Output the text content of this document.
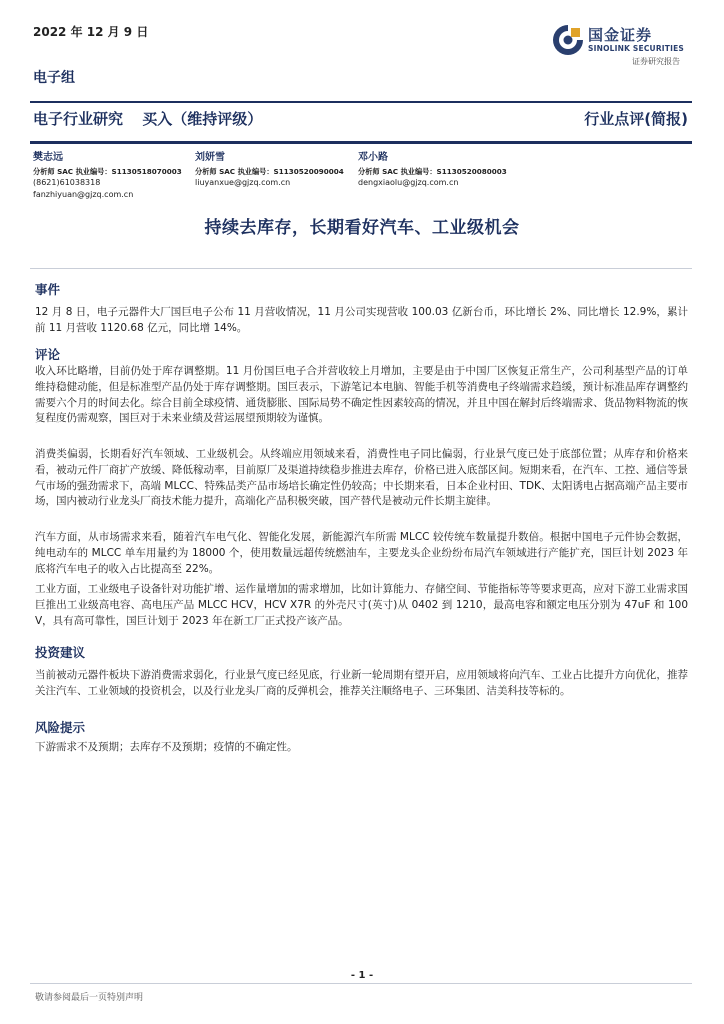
2022 年 12 月 9 日	国金证券
SINOLINK SECURITIES
证券研究报告
电子组
电子行业研究 买入（维持评级）	行业点评(简报)
樊志远
分析师 SAC 执业编号：S1130518070003
(8621)61038318
fanzhiyuan@gjzq.com.cn
刘妍雪
分析师 SAC 执业编号：S1130520090004
liuyanxue@gjzq.com.cn
邓小路
分析师 SAC 执业编号：S1130520080003
dengxiaolu@gjzq.com.cn
持续去库存，长期看好汽车、工业级机会
事件
12 月 8 日，电子元器件大厂国巨电子公布 11 月营收情况，11 月公司实现营收 100.03 亿新台币，环比增长 2%、同比增长 12.9%，累计前 11 月营收 1120.68 亿元，同比增 14%。
评论
收入环比略增，目前仍处于库存调整期。11 月份国巨电子合并营收较上月增加，主要是由于中国厂区恢复正常生产，公司利基型产品的订单维持稳健动能，但是标准型产品仍处于库存调整期。国巨表示，下游笔记本电脑、智能手机等消费电子终端需求趋缓，预计标准品库存调整约需要六个月的时间去化。综合目前全球疫情、通货膨胀、国际局势不确定性因素较高的情况，并且中国在解封后终端需求、货品物料物流的恢复程度仍需观察，国巨对于未来业绩及营运展望预期较为谨慎。
消费类偏弱，长期看好汽车领域、工业级机会。从终端应用领域来看，消费性电子同比偏弱，行业景气度已处于底部位置；从库存和价格来看，被动元件厂商扩产放缓、降低稼动率，目前原厂及渠道持续稳步推进去库存，价格已进入底部区间。短期来看，在汽车、工控、通信等景气市场的强劲需求下，高端 MLCC、特殊品类产品市场培长确定性仍较高；中长期来看，日本企业村田、TDK、太阳诱电占据高端产品主要市场，国内被动行业龙头厂商技术能力提升，高端化产品积极突破，国产替代是被动元件长期主旋律。
汽车方面，从市场需求来看，随着汽车电气化、智能化发展，新能源汽车所需 MLCC 较传统车数量提升数倍。根据中国电子元件协会数据，纯电动车的 MLCC 单车用量约为 18000 个，使用数量远超传统燃油车，主要龙头企业纷纷布局汽车领域进行产能扩充，国巨计划 2023 年底将汽车电子的收入占比提高至 22%。
工业方面，工业级电子设备针对功能扩增、运作量增加的需求增加，比如计算能力、存储空间、节能指标等等要求更高，应对下游工业需求国巨推出工业级高电容、高电压产品 MLCC HCV，HCV X7R 的外壳尺寸(英寸)从 0402 到 1210，最高电容和额定电压分别为 47uF 和 100 V，具有高可靠性，国巨计划于 2023 年在新工厂正式投产该产品。
投资建议
当前被动元器件板块下游消费需求弱化，行业景气度已经见底，行业新一轮周期有望开启，应用领域将向汽车、工业占比提升方向优化，推荐关注汽车、工业领域的投资机会，以及行业龙头厂商的反弹机会，推荐关注顺络电子、三环集团、洁美科技等标的。
风险提示
下游需求不及预期；去库存不及预期；疫情的不确定性。
- 1 -
敬请参阅最后一页特别声明
